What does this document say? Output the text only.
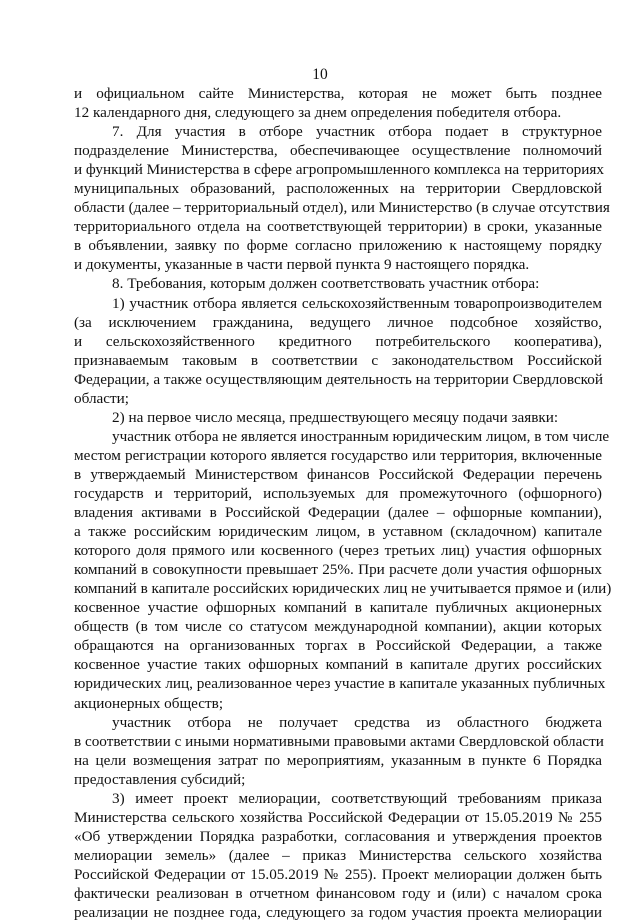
10
и официальном сайте Министерства, которая не может быть позднее
12 календарного дня, следующего за днем определения победителя отбора.
7. Для участия в отборе участник отбора подает в структурное
подразделение Министерства, обеспечивающее осуществление полномочий
и функций Министерства в сфере агропромышленного комплекса на территориях
муниципальных образований, расположенных на территории Свердловской
области (далее – территориальный отдел), или Министерство (в случае отсутствия
территориального отдела на соответствующей территории) в сроки, указанные
в объявлении, заявку по форме согласно приложению к настоящему порядку
и документы, указанные в части первой пункта 9 настоящего порядка.
8. Требования, которым должен соответствовать участник отбора:
1) участник отбора является сельскохозяйственным товаропроизводителем
(за исключением гражданина, ведущего личное подсобное хозяйство,
и сельскохозяйственного кредитного потребительского кооператива),
признаваемым таковым в соответствии с законодательством Российской
Федерации, а также осуществляющим деятельность на территории Свердловской
области;
2) на первое число месяца, предшествующего месяцу подачи заявки:
участник отбора не является иностранным юридическим лицом, в том числе
местом регистрации которого является государство или территория, включенные
в утверждаемый Министерством финансов Российской Федерации перечень
государств и территорий, используемых для промежуточного (офшорного)
владения активами в Российской Федерации (далее – офшорные компании),
а также российским юридическим лицом, в уставном (складочном) капитале
которого доля прямого или косвенного (через третьих лиц) участия офшорных
компаний в совокупности превышает 25%. При расчете доли участия офшорных
компаний в капитале российских юридических лиц не учитывается прямое и (или)
косвенное участие офшорных компаний в капитале публичных акционерных
обществ (в том числе со статусом международной компании), акции которых
обращаются на организованных торгах в Российской Федерации, а также
косвенное участие таких офшорных компаний в капитале других российских
юридических лиц, реализованное через участие в капитале указанных публичных
акционерных обществ;
участник отбора не получает средства из областного бюджета
в соответствии с иными нормативными правовыми актами Свердловской области
на цели возмещения затрат по мероприятиям, указанным в пункте 6 Порядка
предоставления субсидий;
3) имеет проект мелиорации, соответствующий требованиям приказа
Министерства сельского хозяйства Российской Федерации от 15.05.2019 № 255
«Об утверждении Порядка разработки, согласования и утверждения проектов
мелиорации земель» (далее – приказ Министерства сельского хозяйства
Российской Федерации от 15.05.2019 № 255). Проект мелиорации должен быть
фактически реализован в отчетном финансовом году и (или) с началом срока
реализации не позднее года, следующего за годом участия проекта мелиорации
